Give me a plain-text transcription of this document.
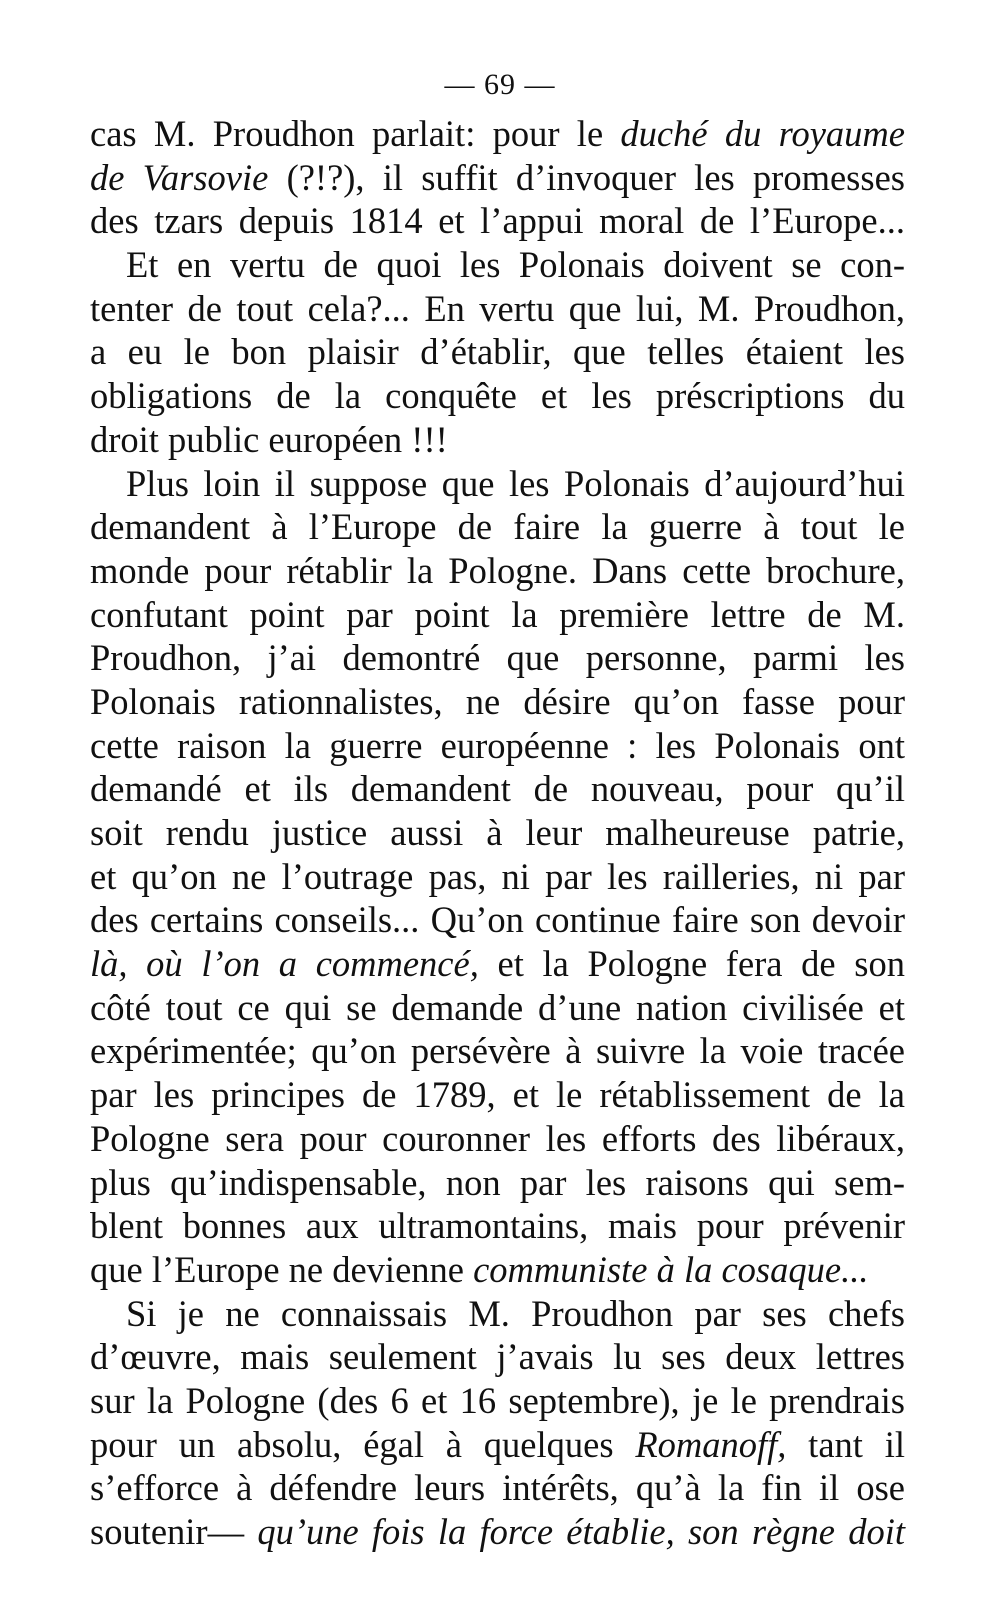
— 69 —
cas M. Proudhon parlait: pour le duché du royaume
de Varsovie (?!?), il suffit d’invoquer les promesses
des tzars depuis 1814 et l’appui moral de l’Europe...
Et en vertu de quoi les Polonais doivent se con-
tenter de tout cela?... En vertu que lui, M. Proudhon,
a eu le bon plaisir d’établir, que telles étaient les
obligations de la conquête et les préscriptions du
droit public européen !!!
Plus loin il suppose que les Polonais d’aujourd’hui
demandent à l’Europe de faire la guerre à tout le
monde pour rétablir la Pologne. Dans cette brochure,
confutant point par point la première lettre de M.
Proudhon, j’ai demontré que personne, parmi les
Polonais rationnalistes, ne désire qu’on fasse pour
cette raison la guerre européenne : les Polonais ont
demandé et ils demandent de nouveau, pour qu’il
soit rendu justice aussi à leur malheureuse patrie,
et qu’on ne l’outrage pas, ni par les railleries, ni par
des certains conseils... Qu’on continue faire son devoir
là, où l’on a commencé, et la Pologne fera de son
côté tout ce qui se demande d’une nation civilisée et
expérimentée; qu’on persévère à suivre la voie tracée
par les principes de 1789, et le rétablissement de la
Pologne sera pour couronner les efforts des libéraux,
plus qu’indispensable, non par les raisons qui sem-
blent bonnes aux ultramontains, mais pour prévenir
que l’Europe ne devienne communiste à la cosaque...
Si je ne connaissais M. Proudhon par ses chefs
d’œuvre, mais seulement j’avais lu ses deux lettres
sur la Pologne (des 6 et 16 septembre), je le prendrais
pour un absolu, égal à quelques Romanoff, tant il
s’efforce à défendre leurs intérêts, qu’à la fin il ose
soutenir— qu’une fois la force établie, son règne doit
